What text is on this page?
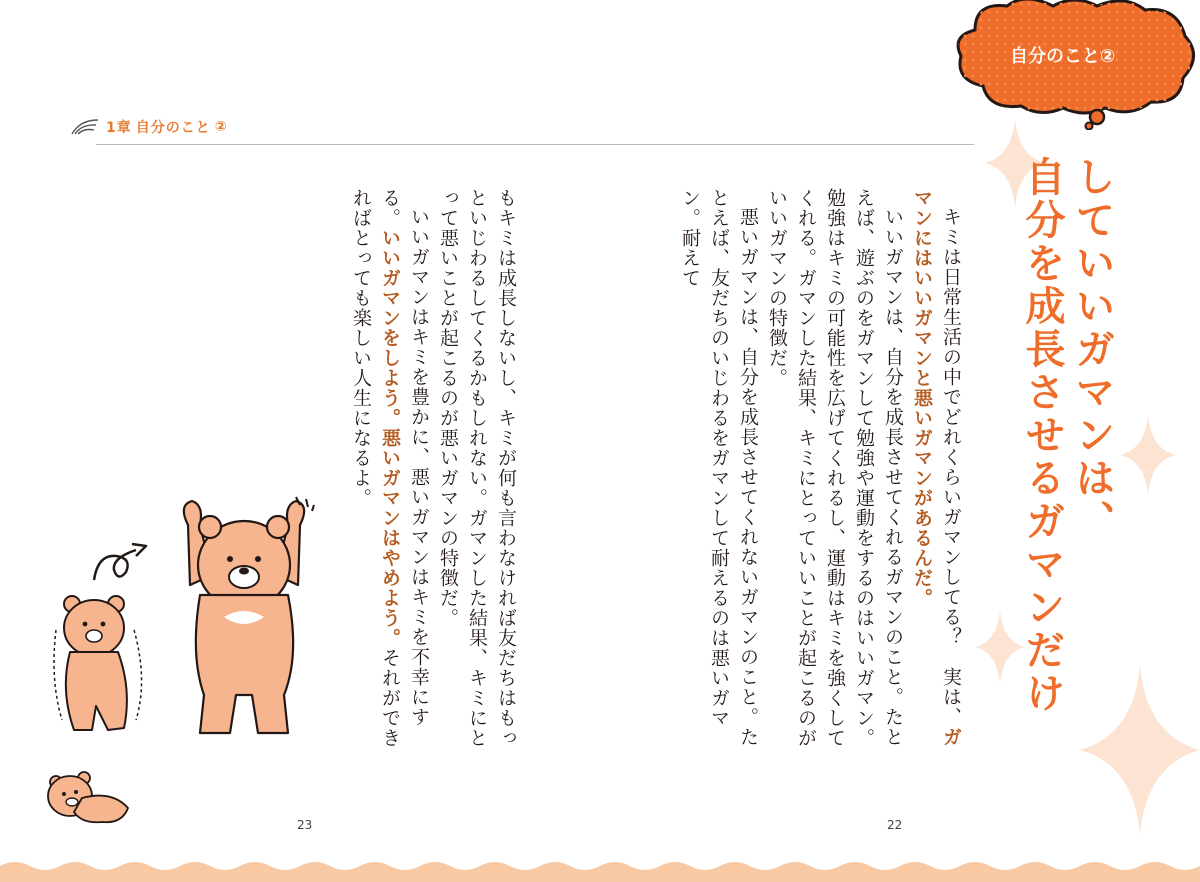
1章 自分のこと ②
自分のこと②
していいガマンは、
自分を成長させるガマンだけ

キミは日常生活の中でどれくらいガマンしてる？　実は、ガマンにはいいガマンと悪いガマンがあるんだ。

いいガマンは、自分を成長させてくれるガマンのこと。たとえば、遊ぶのをガマンして勉強や運動をするのはいいガマン。勉強はキミの可能性を広げてくれるし、運動はキミを強くしてくれる。ガマンした結果、キミにとっていいことが起こるのがいいガマンの特徴だ。

悪いガマンは、自分を成長させてくれないガマンのこと。たとえば、友だちのいじわるをガマンして耐えるのは悪いガマン。耐えて

もキミは成長しないし、キミが何も言わなければ友だちはもっといじわるしてくるかもしれない。ガマンした結果、キミにとって悪いことが起こるのが悪いガマンの特徴だ。

いいガマンはキミを豊かに、悪いガマンはキミを不幸にする。いいガマンをしよう。悪いガマンはやめよう。それができればとっても楽しい人生になるよ。

23	22
